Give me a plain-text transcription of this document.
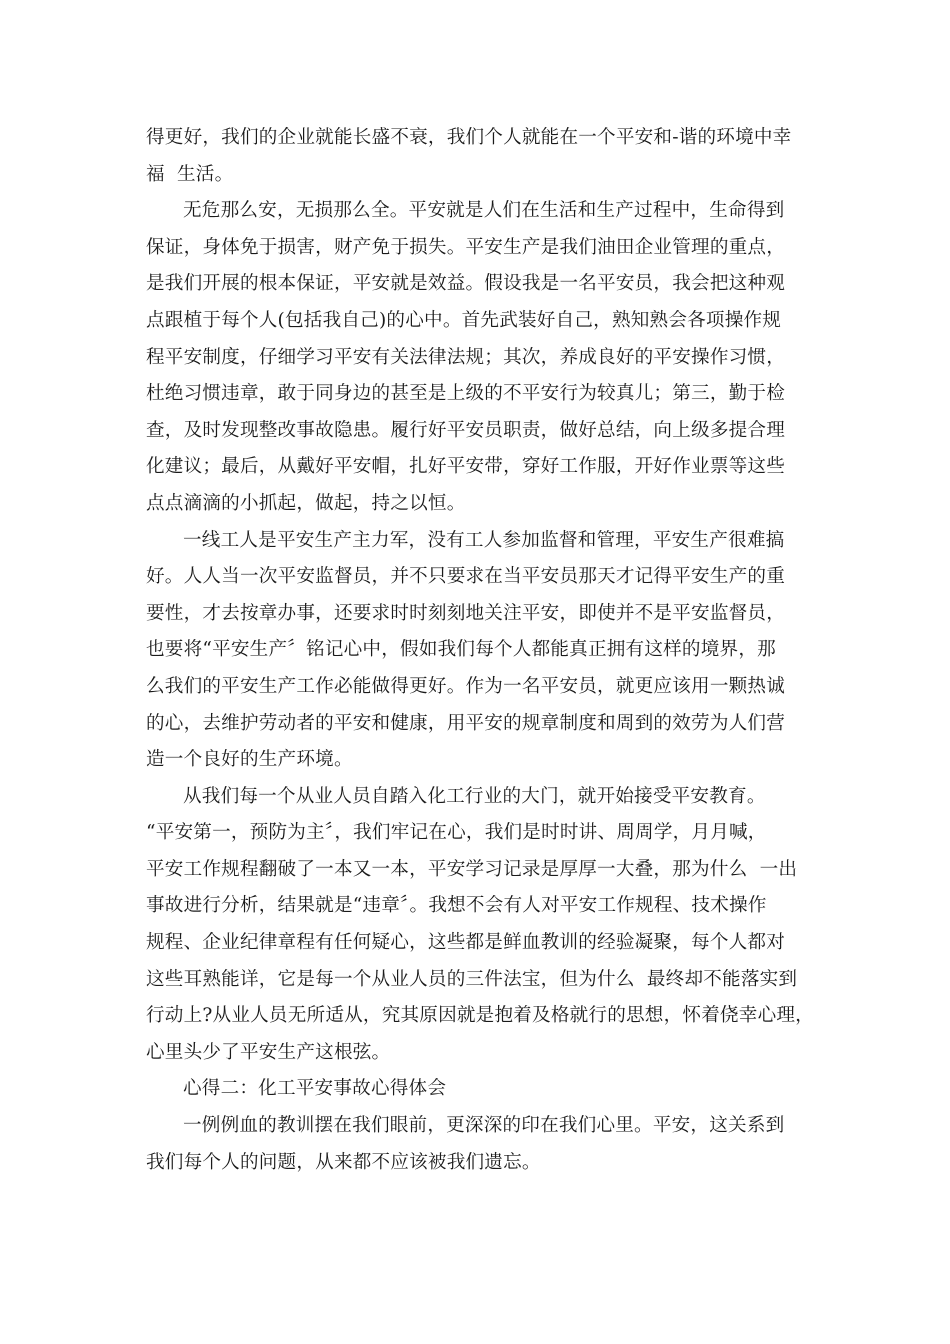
得更好，我们的企业就能长盛不衰，我们个人就能在一个平安和-谐的环境中幸
福  生活。
无危那么安，无损那么全。平安就是人们在生活和生产过程中，生命得到
保证，身体免于损害，财产免于损失。平安生产是我们油田企业管理的重点，
是我们开展的根本保证，平安就是效益。假设我是一名平安员，我会把这种观
点跟植于每个人(包括我自己)的心中。首先武装好自己，熟知熟会各项操作规
程平安制度，仔细学习平安有关法律法规；其次，养成良好的平安操作习惯，
杜绝习惯违章，敢于同身边的甚至是上级的不平安行为较真儿；第三，勤于检
查，及时发现整改事故隐患。履行好平安员职责，做好总结，向上级多提合理
化建议；最后，从戴好平安帽，扎好平安带，穿好工作服，开好作业票等这些
点点滴滴的小抓起，做起，持之以恒。
一线工人是平安生产主力军，没有工人参加监督和管理，平安生产很难搞
好。人人当一次平安监督员，并不只要求在当平安员那天才记得平安生产的重
要性，才去按章办事，还要求时时刻刻地关注平安，即使并不是平安监督员，
也要将“平安生产〞铭记心中，假如我们每个人都能真正拥有这样的境界，那
么我们的平安生产工作必能做得更好。作为一名平安员，就更应该用一颗热诚
的心，去维护劳动者的平安和健康，用平安的规章制度和周到的效劳为人们营
造一个良好的生产环境。
从我们每一个从业人员自踏入化工行业的大门，就开始接受平安教育。
“平安第一，预防为主〞，我们牢记在心，我们是时时讲、周周学，月月喊，
平安工作规程翻破了一本又一本，平安学习记录是厚厚一大叠，那为什么  一出
事故进行分析，结果就是“违章〞。我想不会有人对平安工作规程、技术操作
规程、企业纪律章程有任何疑心，这些都是鲜血教训的经验凝聚，每个人都对
这些耳熟能详，它是每一个从业人员的三件法宝，但为什么  最终却不能落实到
行动上?从业人员无所适从，究其原因就是抱着及格就行的思想，怀着侥幸心理，
心里头少了平安生产这根弦。
心得二：化工平安事故心得体会
一例例血的教训摆在我们眼前，更深深的印在我们心里。平安，这关系到
我们每个人的问题，从来都不应该被我们遗忘。
